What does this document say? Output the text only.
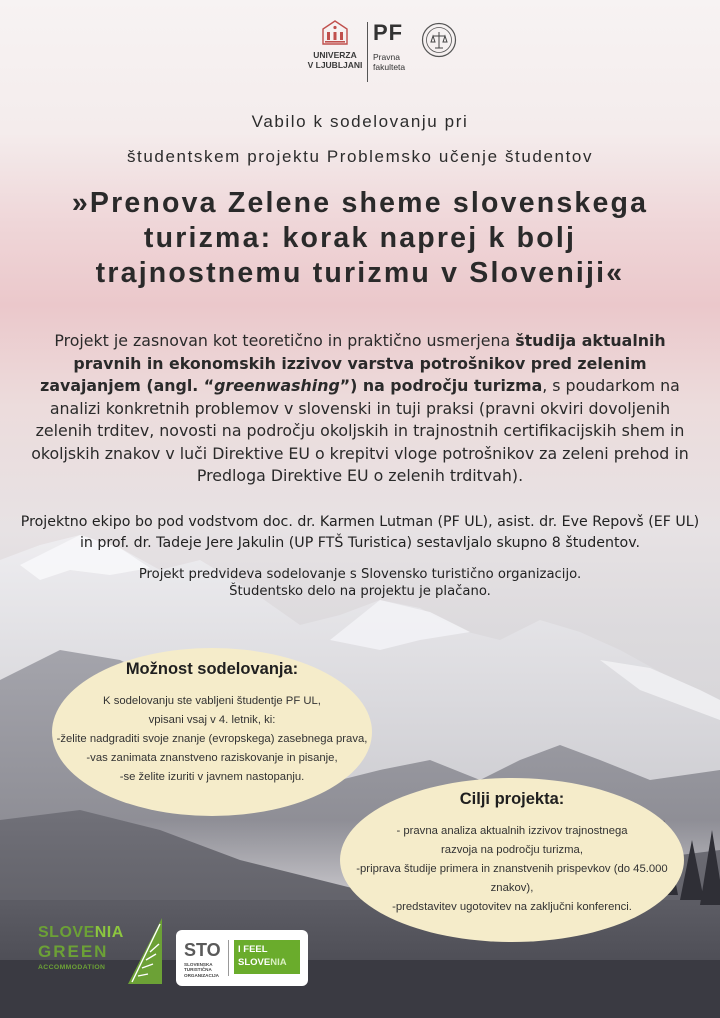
UNIVERZA
V LJUBLJANI
PF
Pravna
fakulteta
Vabilo k sodelovanju pri
študentskem projektu Problemsko učenje študentov
»Prenova Zelene sheme slovenskega
turizma: korak naprej k bolj
trajnostnemu turizmu v Sloveniji«
Projekt je zasnovan kot teoretično in praktično usmerjena študija aktualnih pravnih in ekonomskih izzivov varstva potrošnikov pred zelenim zavajanjem (angl. “greenwashing”) na področju turizma, s poudarkom na analizi konkretnih problemov v slovenski in tuji praksi (pravni okviri dovoljenih zelenih trditev, novosti na področju okoljskih in trajnostnih certifikacijskih shem in okoljskih znakov v luči Direktive EU o krepitvi vloge potrošnikov za zeleni prehod in Predloga Direktive EU o zelenih trditvah).
Projektno ekipo bo pod vodstvom doc. dr. Karmen Lutman (PF UL), asist. dr. Eve Repovš (EF UL) in prof. dr. Tadeje Jere Jakulin (UP FTŠ Turistica) sestavljalo skupno 8 študentov.
Projekt predvideva sodelovanje s Slovensko turistično organizacijo.
Študentsko delo na projektu je plačano.
Možnost sodelovanja:
K sodelovanju ste vabljeni študentje PF UL,
vpisani vsaj v 4. letnik, ki:
-želite nadgraditi svoje znanje (evropskega) zasebnega prava,
-vas zanimata znanstveno raziskovanje in pisanje,
-se želite izuriti v javnem nastopanju.
Cilji projekta:
- pravna analiza aktualnih izzivov trajnostnega
razvoja na področju turizma,
-priprava študije primera in znanstvenih prispevkov (do 45.000
znakov),
-predstavitev ugotovitev na zaključni konferenci.
SLOVENIA
GREEN
ACCOMMODATION
STO
SLOVENSKA
TURISTIČNA
ORGANIZACIJA
I FEEL
SLOVENIA
